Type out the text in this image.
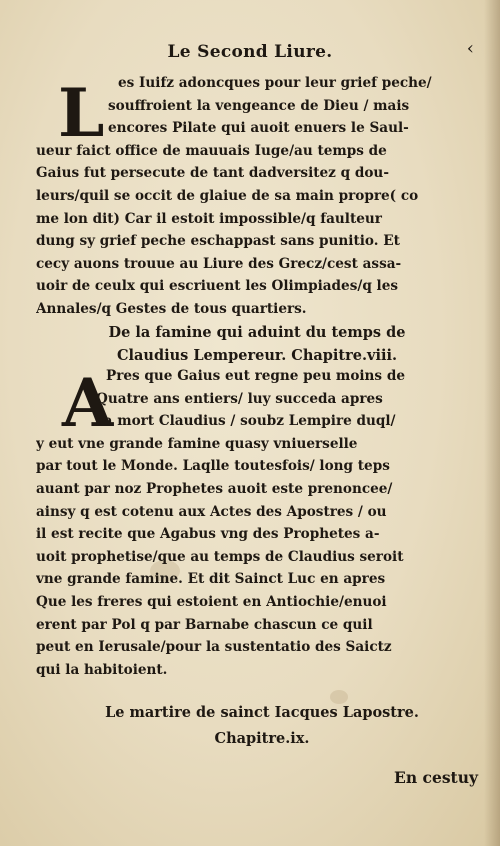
Le Second Liure.	‹
L es Iuifz adoncques pour leur grief peche/
souffroient la vengeance de Dieu / mais
encores Pilate qui auoit enuers le Saul-
ueur faict office de mauuais Iuge/au temps de
Gaius fut persecute de tant dadversitez q dou-
leurs/quil se occit de glaiue de sa main propre( co
me lon dit) Car il estoit impossible/q faulteur
dung sy grief peche eschappast sans punitio. Et
cecy auons trouue au Liure des Grecz/cest assa-
uoir de ceulx qui escriuent les Olimpiades/q les
Annales/q Gestes de tous quartiers.
De la famine qui aduint du temps de
Claudius Lempereur. Chapitre.viii.
A
Pres que Gaius eut regne peu moins de
Quatre ans entiers/ luy succeda apres
sa mort Claudius / soubz Lempire duql/
y eut vne grande famine quasy vniuerselle
par tout le Monde. Laqlle toutesfois/ long teps
auant par noz Prophetes auoit este prenoncee/
ainsy q est cotenu aux Actes des Apostres / ou
il est recite que Agabus vng des Prophetes a-
uoit prophetise/que au temps de Claudius seroit
vne grande famine. Et dit Sainct Luc en apres
Que les freres qui estoient en Antiochie/enuoi
erent par Pol q par Barnabe chascun ce quil
peut en Ierusale/pour la sustentatio des Saictz
qui la habitoient.
Le martire de sainct Iacques Lapostre.
Chapitre.ix.
En cestuy
